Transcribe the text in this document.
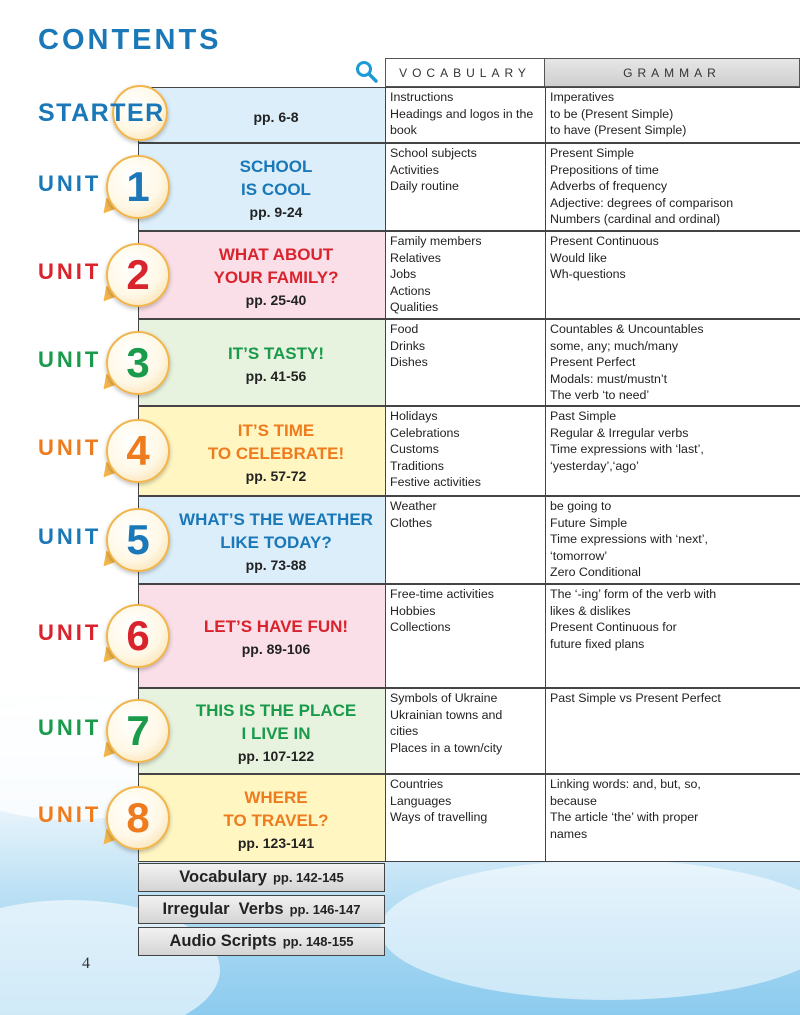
CONTENTS
VOCABULARY	GRAMMAR
pp. 6-8
Instructions
Headings and logos in the book
Imperatives
to be (Present Simple)
to have (Present Simple)
STARTER
SCHOOL
IS COOL
pp. 9-24
School subjects
Activities
Daily routine
Present Simple
Prepositions of time
Adverbs of frequency
Adjective: degrees of comparison
Numbers (cardinal and ordinal)
UNIT 1
WHAT ABOUT
YOUR FAMILY?
pp. 25-40
Family members
Relatives
Jobs
Actions
Qualities
Present Continuous
Would like
Wh-questions
UNIT 2
IT’S TASTY!
pp. 41-56
Food
Drinks
Dishes
Countables & Uncountables
some, any; much/many
Present Perfect
Modals: must/mustn’t
The verb ‘to need’
UNIT 3
IT’S TIME
TO CELEBRATE!
pp. 57-72
Holidays
Celebrations
Customs
Traditions
Festive activities
Past Simple
Regular & Irregular verbs
Time expressions with ‘last’,
‘yesterday’,‘ago’
UNIT 4
WHAT’S THE WEATHER
LIKE TODAY?
pp. 73-88
Weather
Clothes
be going to
Future Simple
Time expressions with ‘next’,
‘tomorrow’
Zero Conditional
UNIT 5
LET’S HAVE FUN!
pp. 89-106
Free-time activities
Hobbies
Collections
The ‘-ing’ form of the verb with
likes & dislikes
Present Continuous for
future fixed plans
UNIT 6
THIS IS THE PLACE
I LIVE IN
pp. 107-122
Symbols of Ukraine
Ukrainian towns and
cities
Places in a town/city
Past Simple vs Present Perfect
UNIT 7
WHERE
TO TRAVEL?
pp. 123-141
Countries
Languages
Ways of travelling
Linking words: and, but, so,
because
The article ‘the’ with proper
names
UNIT 8
Vocabulary pp. 142-145
Irregular  Verbs pp. 146-147
Audio Scripts pp. 148-155
4
